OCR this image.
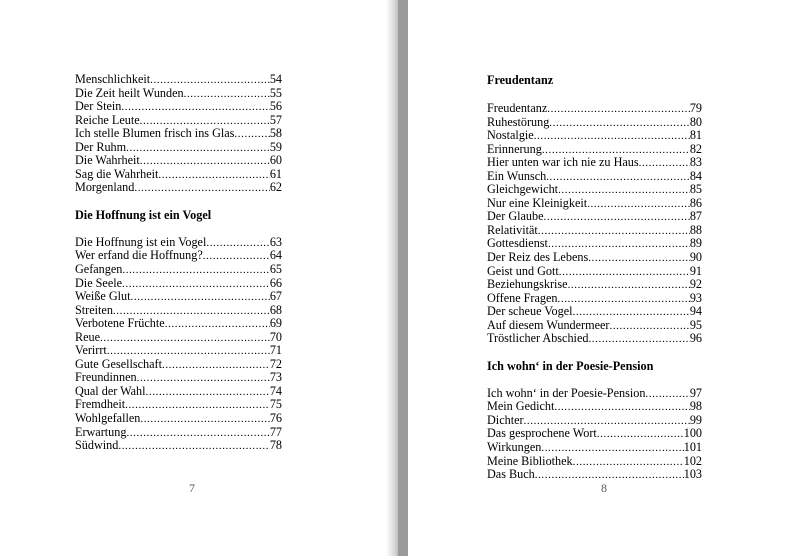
Menschlichkeit .....	54
Die Zeit heilt Wunden .....	55
Der Stein .....	56
Reiche Leute .....	57
Ich stelle Blumen frisch ins Glas .....	58
Der Ruhm .....	59
Die Wahrheit .....	60
Sag die Wahrheit .....	61
Morgenland .....	62
Die Hoffnung ist ein Vogel
Die Hoffnung ist ein Vogel .....	63
Wer erfand die Hoffnung? .....	64
Gefangen .....	65
Die Seele .....	66
Weiße Glut .....	67
Streiten .....	68
Verbotene Früchte .....	69
Reue .....	70
Verirrt .....	71
Gute Gesellschaft .....	72
Freundinnen .....	73
Qual der Wahl .....	74
Fremdheit .....	75
Wohlgefallen .....	76
Erwartung .....	77
Südwind .....	78
7
Freudentanz
Freudentanz .....	79
Ruhestörung .....	80
Nostalgie .....	81
Erinnerung .....	82
Hier unten war ich nie zu Haus .....	83
Ein Wunsch .....	84
Gleichgewicht .....	85
Nur eine Kleinigkeit .....	86
Der Glaube .....	87
Relativität .....	88
Gottesdienst .....	89
Der Reiz des Lebens .....	90
Geist und Gott .....	91
Beziehungskrise .....	92
Offene Fragen .....	93
Der scheue Vogel .....	94
Auf diesem Wundermeer .....	95
Tröstlicher Abschied .....	96
Ich wohn‘ in der Poesie-Pension
Ich wohn‘ in der Poesie-Pension .....	97
Mein Gedicht .....	98
Dichter .....	99
Das gesprochene Wort .....	100
Wirkungen .....	101
Meine Bibliothek .....	102
Das Buch .....	103
8
